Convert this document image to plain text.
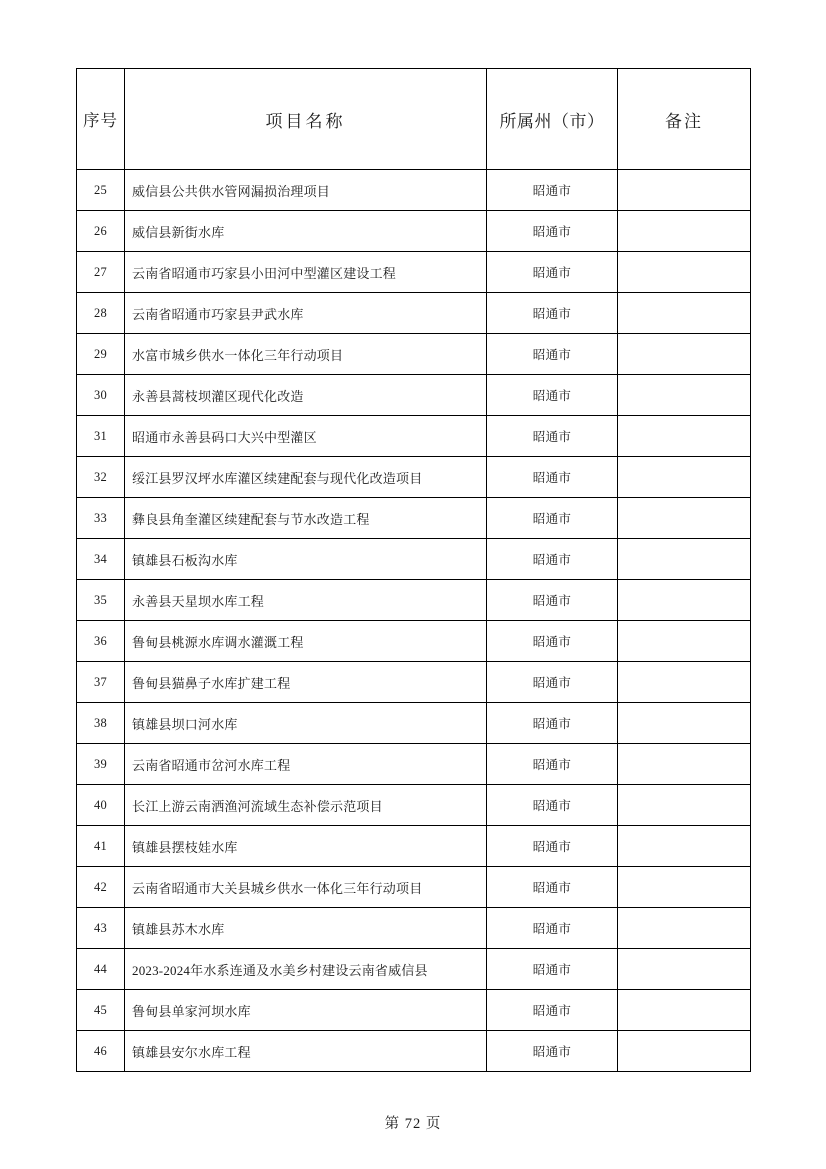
序号	项目名称	所属州（市）	备注
25	威信县公共供水管网漏损治理项目	昭通市	
26	威信县新街水库	昭通市	
27	云南省昭通市巧家县小田河中型灌区建设工程	昭通市	
28	云南省昭通市巧家县尹武水库	昭通市	
29	水富市城乡供水一体化三年行动项目	昭通市	
30	永善县蒿枝坝灌区现代化改造	昭通市	
31	昭通市永善县码口大兴中型灌区	昭通市	
32	绥江县罗汉坪水库灌区续建配套与现代化改造项目	昭通市	
33	彝良县角奎灌区续建配套与节水改造工程	昭通市	
34	镇雄县石板沟水库	昭通市	
35	永善县天星坝水库工程	昭通市	
36	鲁甸县桃源水库调水灌溉工程	昭通市	
37	鲁甸县猫鼻子水库扩建工程	昭通市	
38	镇雄县坝口河水库	昭通市	
39	云南省昭通市岔河水库工程	昭通市	
40	长江上游云南洒渔河流域生态补偿示范项目	昭通市	
41	镇雄县摆枝娃水库	昭通市	
42	云南省昭通市大关县城乡供水一体化三年行动项目	昭通市	
43	镇雄县苏木水库	昭通市	
44	2023-2024年水系连通及水美乡村建设云南省威信县	昭通市	
45	鲁甸县单家河坝水库	昭通市	
46	镇雄县安尔水库工程	昭通市	
第 72 页
